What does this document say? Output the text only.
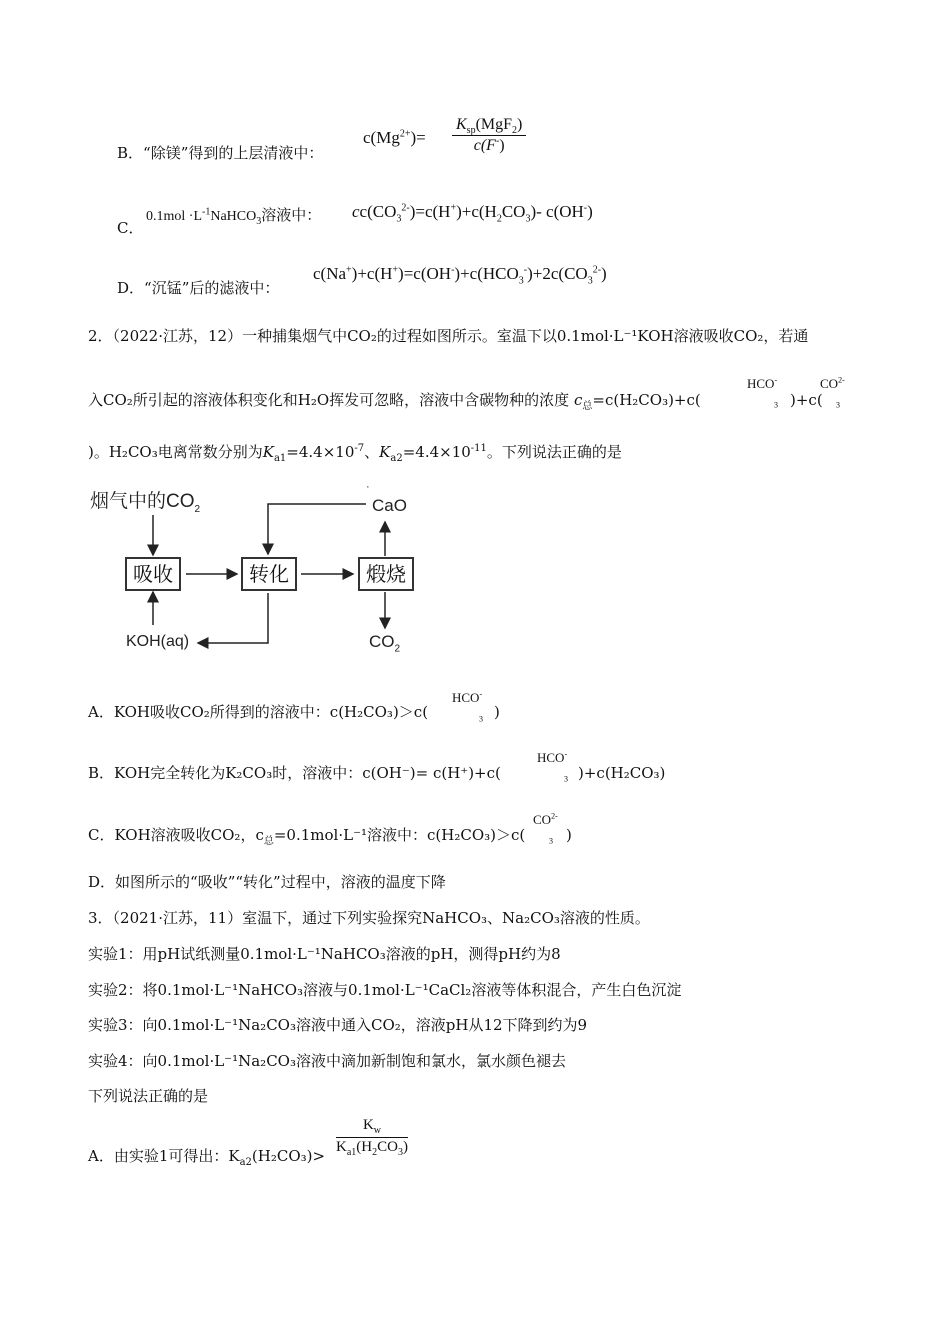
B．“除镁”得到的上层清液中：
$c(Mg^{2+})=$
$K_{sp}(MgF_2)$
c(F-)
C．
$0.1mol \cdot L^{-1}NaHCO_3$溶液中： $cc(CO_3^{2-})=c(H^+)+c(H_2CO_3)-$ c(OH-)
D．“沉锰”后的滤液中：
$c(Na^+)+c(H^+)=c(OH^-)+c(HCO_3^-)+2c(CO_3^{2-})$
2．（2022·江苏，12）一种捕集烟气中CO₂的过程如图所示。室温下以0.1mol·L⁻¹KOH溶液吸收CO₂，若通
入CO₂所引起的溶液体积变化和H₂O挥发可忽略，溶液中含碳物种的浓度 $c_总=c(H_2CO_3)+c$(
HCO-
$_3$ )+c(
$CO^{2-}$
$_3$
)。H₂CO₃电离常数分别为$K_{a1}=4.4\times 10^{-7}$、$K_{a2}=4.4\times 10^{-11}$。下列说法正确的是
烟气中的$CO_2$
吸收	转化	煅烧
·
CaO
KOH(aq)	$CO_2$
A．KOH吸收CO₂所得到的溶液中：c(H₂CO₃)＞c(
HCO-
$_3$ )
B．KOH完全转化为K₂CO₃时，溶液中：c(OH⁻)= c(H⁺)+c(
HCO-
$_3$ )+c(H₂CO₃)
C．KOH溶液吸收CO₂，$c_总=0.1mol\cdot L^{-1}$溶液中：c(H₂CO₃)＞c(
$CO^{2-}$
$_3$ )
D．如图所示的“吸收”“转化”过程中，溶液的温度下降
3．（2021·江苏，11）室温下，通过下列实验探究NaHCO₃、Na₂CO₃溶液的性质。
实验1：用pH试纸测量0.1mol·L⁻¹NaHCO₃溶液的pH，测得pH约为8
实验2：将0.1mol·L⁻¹NaHCO₃溶液与0.1mol·L⁻¹CaCl₂溶液等体积混合，产生白色沉淀
实验3：向0.1mol·L⁻¹Na₂CO₃溶液中通入CO₂，溶液pH从12下降到约为9
实验4：向0.1mol·L⁻¹Na₂CO₃溶液中滴加新制饱和氯水，氯水颜色褪去
下列说法正确的是
A．由实验1可得出：$K_{a2}(H_2CO_3)> \frac{K_w}{K_{a1}(H_2CO_3)}$
